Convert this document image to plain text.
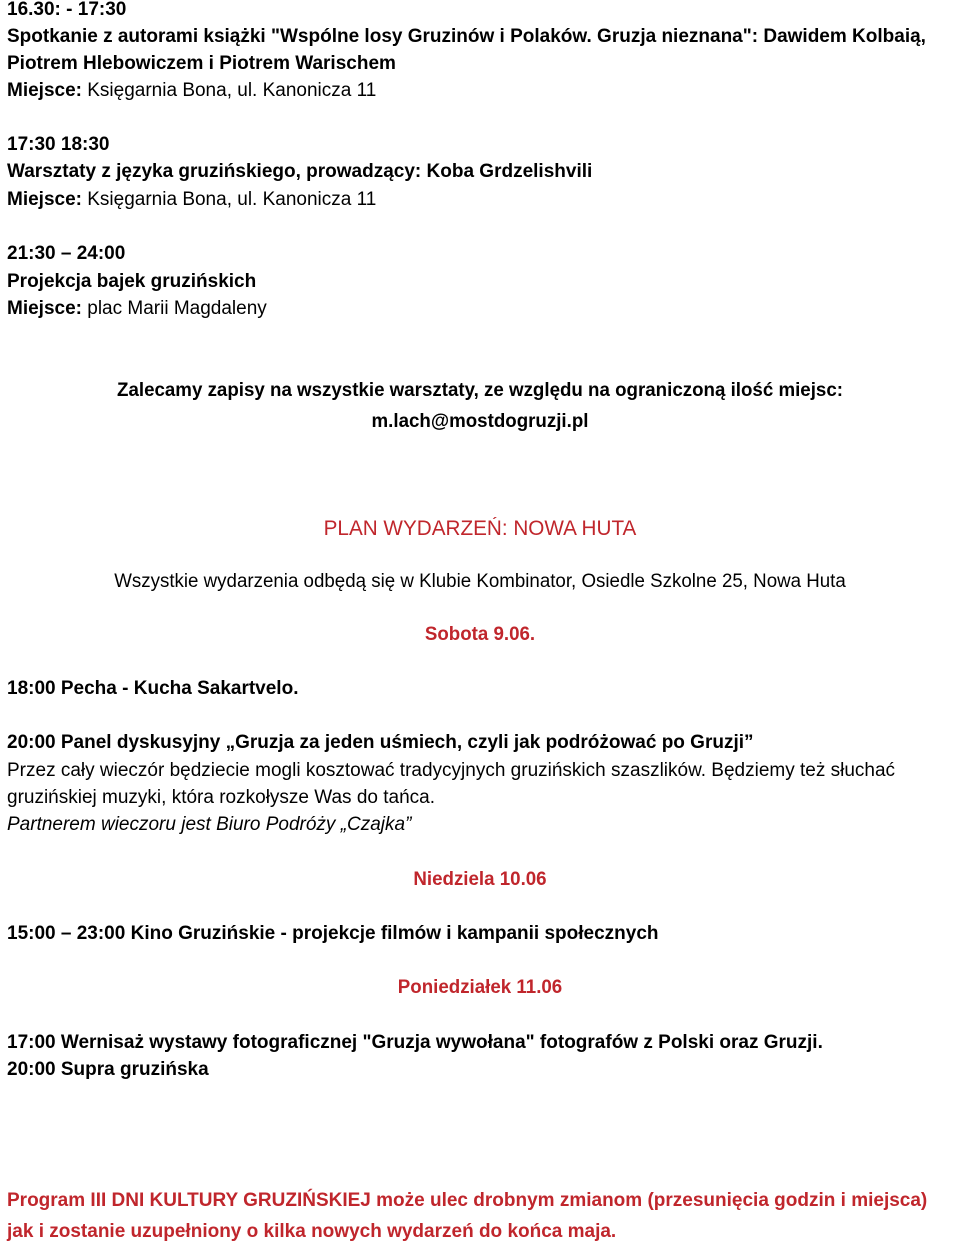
16.30: - 17:30
Spotkanie z autorami książki "Wspólne losy Gruzinów i Polaków. Gruzja nieznana": Dawidem Kolbaią,
Piotrem Hlebowiczem i Piotrem Warischem
Miejsce: Księgarnia Bona, ul. Kanonicza 11
17:30 18:30
Warsztaty z języka gruzińskiego, prowadzący: Koba Grdzelishvili
Miejsce: Księgarnia Bona, ul. Kanonicza 11
21:30 – 24:00
Projekcja bajek gruzińskich
Miejsce: plac Marii Magdaleny
Zalecamy zapisy na wszystkie warsztaty, ze względu na ograniczoną ilość miejsc:
m.lach@mostdogruzji.pl
PLAN WYDARZEŃ: NOWA HUTA
Wszystkie wydarzenia odbędą się w Klubie Kombinator, Osiedle Szkolne 25, Nowa Huta
Sobota 9.06.
18:00 Pecha - Kucha Sakartvelo.
20:00 Panel dyskusyjny „Gruzja za jeden uśmiech, czyli jak podróżować po Gruzji”
Przez cały wieczór będziecie mogli kosztować tradycyjnych gruzińskich szaszlików. Będziemy też słuchać
gruzińskiej muzyki, która rozkołysze Was do tańca.
Partnerem wieczoru jest Biuro Podróży „Czajka”
Niedziela 10.06
15:00 – 23:00 Kino Gruzińskie - projekcje filmów i kampanii społecznych
Poniedziałek 11.06
17:00 Wernisaż wystawy fotograficznej "Gruzja wywołana" fotografów z Polski oraz Gruzji.
20:00 Supra gruzińska
Program III DNI KULTURY GRUZIŃSKIEJ może ulec drobnym zmianom (przesunięcia godzin i miejsca)
jak i zostanie uzupełniony o kilka nowych wydarzeń do końca maja.
